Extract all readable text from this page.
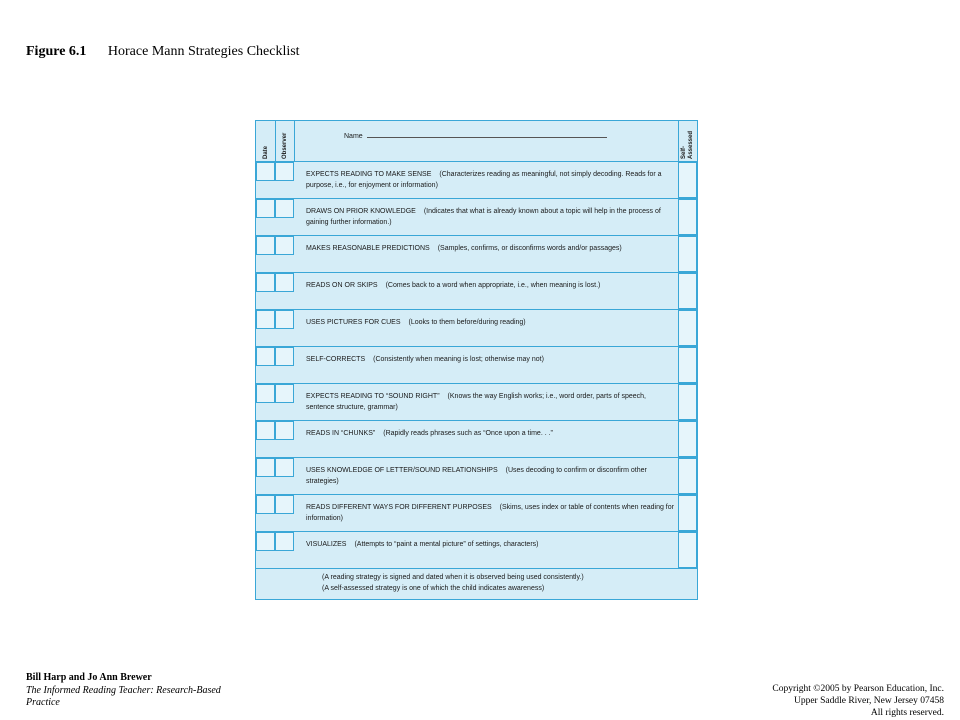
Figure 6.1 Horace Mann Strategies Checklist
Date Observer	Name
Self- Assessed
EXPECTS READING TO MAKE SENSE (Characterizes reading as meaningful, not simply decoding. Reads for a purpose, i.e., for enjoyment or information)
DRAWS ON PRIOR KNOWLEDGE (Indicates that what is already known about a topic will help in the process of gaining further information.)
MAKES REASONABLE PREDICTIONS (Samples, confirms, or disconfirms words and/or passages)
READS ON OR SKIPS (Comes back to a word when appropriate, i.e., when meaning is lost.)
USES PICTURES FOR CUES (Looks to them before/during reading)
SELF-CORRECTS (Consistently when meaning is lost; otherwise may not)
EXPECTS READING TO “SOUND RIGHT” (Knows the way English works; i.e., word order, parts of speech, sentence structure, grammar)
READS IN “CHUNKS” (Rapidly reads phrases such as “Once upon a time. . .”
USES KNOWLEDGE OF LETTER/SOUND RELATIONSHIPS (Uses decoding to confirm or disconfirm other strategies)
READS DIFFERENT WAYS FOR DIFFERENT PURPOSES (Skims, uses index or table of contents when reading for information)
VISUALIZES (Attempts to “paint a mental picture” of settings, characters)
(A reading strategy is signed and dated when it is observed being used consistently.)
(A self-assessed strategy is one of which the child indicates awareness)
Bill Harp and Jo Ann Brewer
The Informed Reading Teacher: Research-Based Practice
Copyright ©2005 by Pearson Education, Inc.
Upper Saddle River, New Jersey 07458
All rights reserved.
